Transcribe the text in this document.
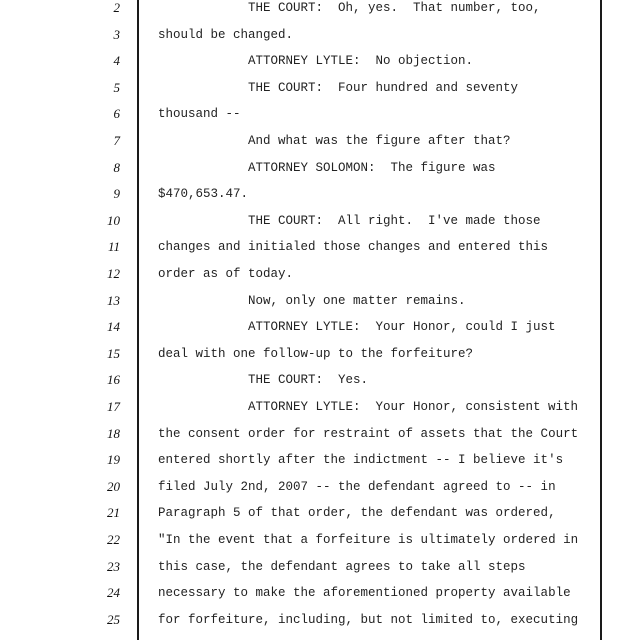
2	THE COURT:  Oh, yes.  That number, too,
3	should be changed.
4	ATTORNEY LYTLE:  No objection.
5	THE COURT:  Four hundred and seventy
6	thousand --
7	And what was the figure after that?
8	ATTORNEY SOLOMON:  The figure was
9	$470,653.47.
10	THE COURT:  All right.  I've made those
11	changes and initialed those changes and entered this
12	order as of today.
13	Now, only one matter remains.
14	ATTORNEY LYTLE:  Your Honor, could I just
15	deal with one follow-up to the forfeiture?
16	THE COURT:  Yes.
17	ATTORNEY LYTLE:  Your Honor, consistent with
18	the consent order for restraint of assets that the Court
19	entered shortly after the indictment -- I believe it's
20	filed July 2nd, 2007 -- the defendant agreed to -- in
21	Paragraph 5 of that order, the defendant was ordered,
22	"In the event that a forfeiture is ultimately ordered in
23	this case, the defendant agrees to take all steps
24	necessary to make the aforementioned property available
25	for forfeiture, including, but not limited to, executing
